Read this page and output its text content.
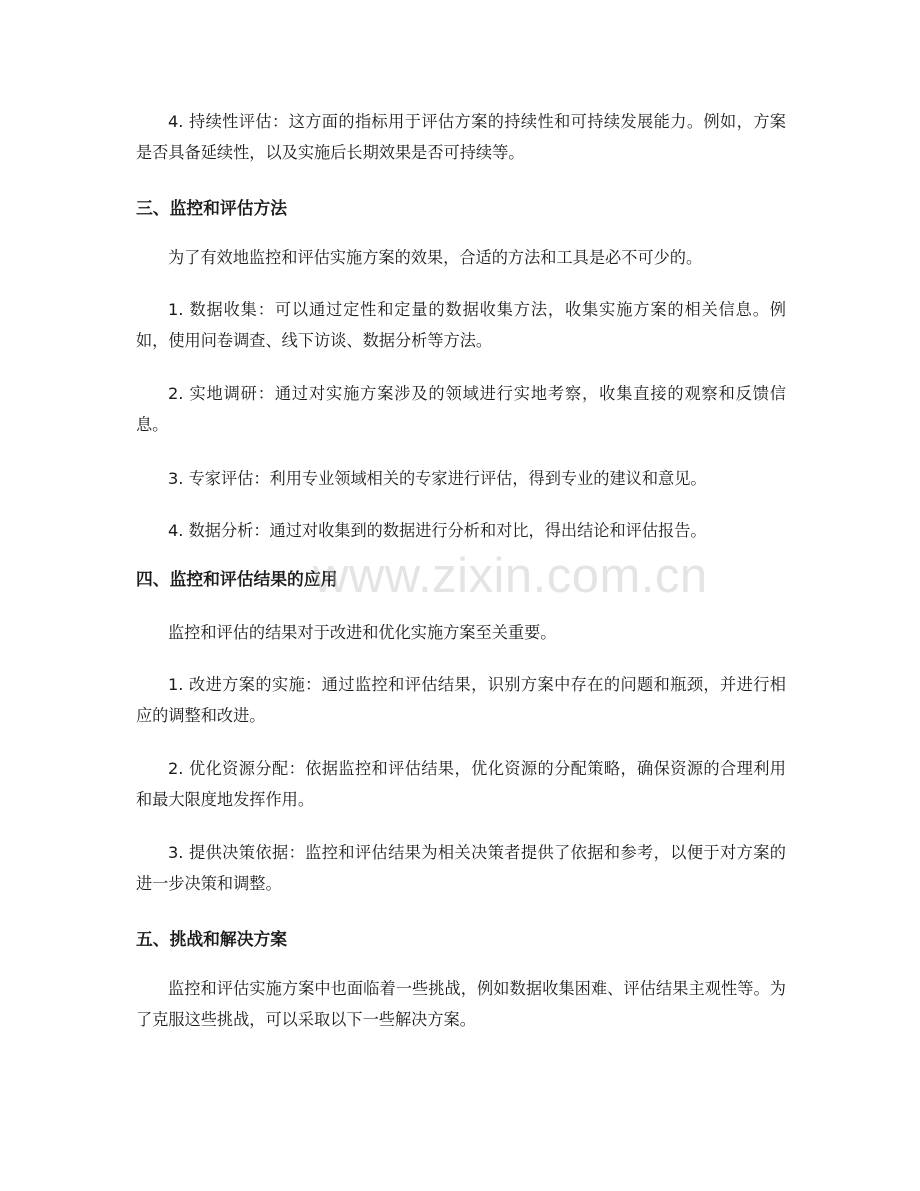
4. 持续性评估：这方面的指标用于评估方案的持续性和可持续发展能力。例如，方案是否具备延续性，以及实施后长期效果是否可持续等。

三、监控和评估方法

为了有效地监控和评估实施方案的效果，合适的方法和工具是必不可少的。

1. 数据收集：可以通过定性和定量的数据收集方法，收集实施方案的相关信息。例如，使用问卷调查、线下访谈、数据分析等方法。

2. 实地调研：通过对实施方案涉及的领域进行实地考察，收集直接的观察和反馈信息。

3. 专家评估：利用专业领域相关的专家进行评估，得到专业的建议和意见。

4. 数据分析：通过对收集到的数据进行分析和对比，得出结论和评估报告。

四、监控和评估结果的应用

监控和评估的结果对于改进和优化实施方案至关重要。

1. 改进方案的实施：通过监控和评估结果，识别方案中存在的问题和瓶颈，并进行相应的调整和改进。

2. 优化资源分配：依据监控和评估结果，优化资源的分配策略，确保资源的合理利用和最大限度地发挥作用。

3. 提供决策依据：监控和评估结果为相关决策者提供了依据和参考，以便于对方案的进一步决策和调整。

五、挑战和解决方案

监控和评估实施方案中也面临着一些挑战，例如数据收集困难、评估结果主观性等。为了克服这些挑战，可以采取以下一些解决方案。

www.zixin.com.cn
